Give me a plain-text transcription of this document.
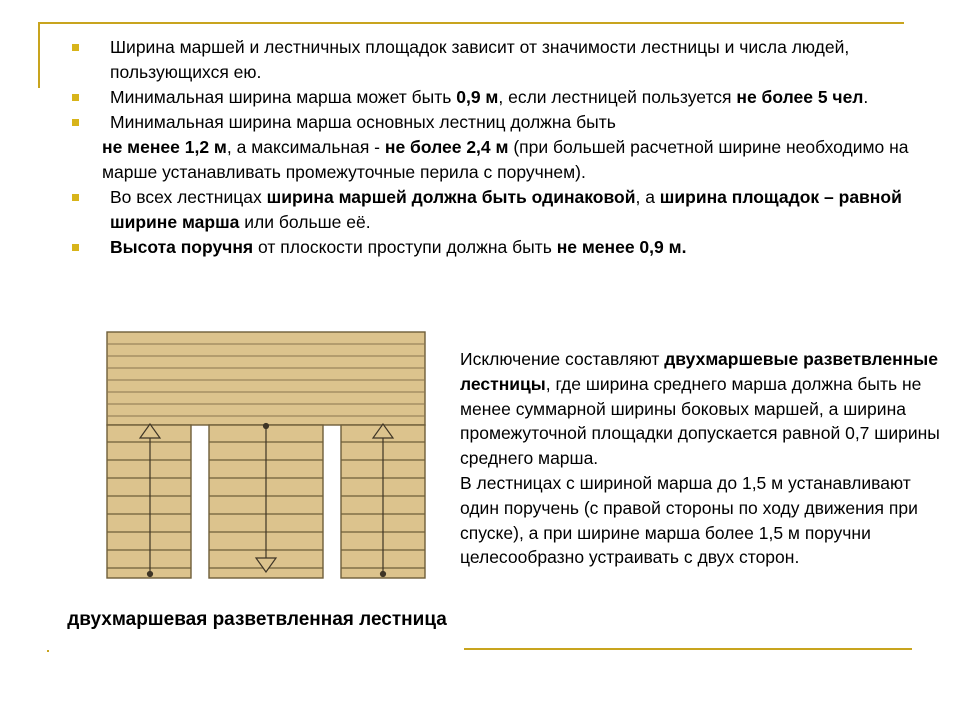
Ширина маршей и лестничных площадок зависит от значимости лестницы и числа людей, пользующихся ею.
Минимальная ширина марша может быть 0,9 м, если лестницей пользуется не более 5 чел.
Минимальная ширина марша основных лестниц должна быть
не менее 1,2 м, а максимальная - не более 2,4 м (при большей расчетной ширине необходимо на марше устанавливать промежуточные перила с поручнем).
Во всех лестницах ширина маршей должна быть одинаковой, а ширина площадок – равной ширине марша или больше её.
Высота поручня от плоскости проступи должна быть не менее 0,9 м.
двухмаршевая разветвленная лестница

Исключение составляют двухмаршевые разветвленные лестницы, где ширина среднего марша должна быть не менее суммарной ширины боковых маршей, а ширина промежуточной площадки допускается равной 0,7 ширины среднего марша.

В лестницах с шириной марша до 1,5 м устанавливают один поручень (с правой стороны по ходу движения при спуске), а при ширине марша более 1,5 м поручни целесообразно устраивать с двух сторон.
